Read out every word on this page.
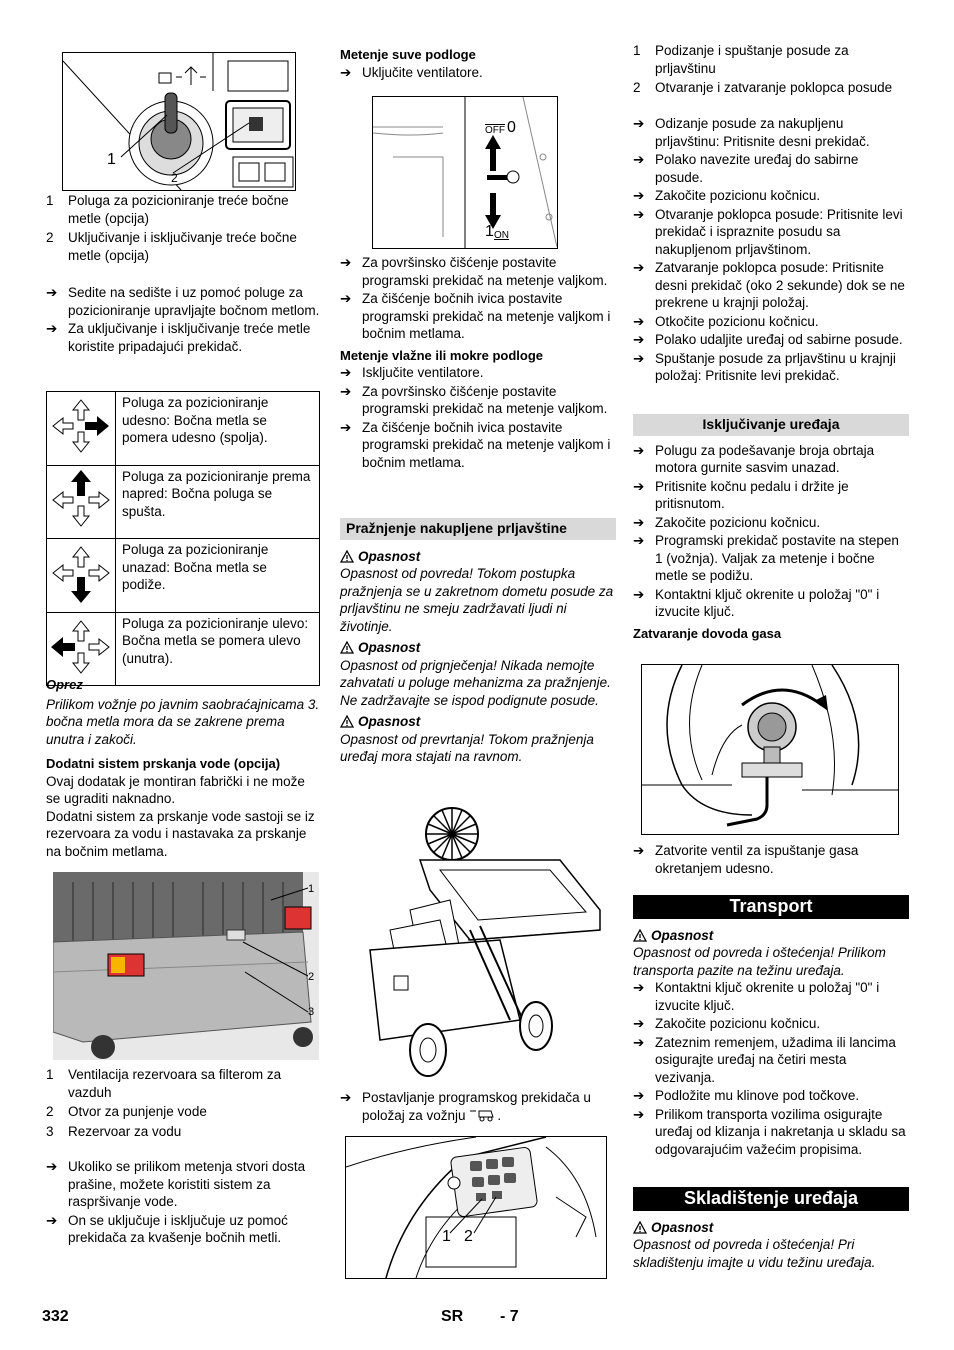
1
2
1	Poluga za pozicioniranje treće bočne metle (opcija)
2	Uključivanje i isključivanje treće bočne metle (opcija)
➔ Sedite na sedište i uz pomoć poluge za pozicioniranje upravljajte bočnom metlom.
➔ Za uključivanje i isključivanje treće metle koristite pripadajući prekidač.
	Poluga za pozicioniranje udesno: Bočna metla se pomera udesno (spolja).
	Poluga za pozicioniranje prema napred: Bočna poluga se spušta.
	Poluga za pozicioniranje unazad: Bočna metla se podiže.
	Poluga za pozicioniranje ulevo: Bočna metla se pomera ulevo (unutra).
Oprez
Prilikom vožnje po javnim saobraćajnicama 3. bočna metla mora da se zakrene prema unutra i zakoči.
Dodatni sistem prskanja vode (opcija)
Ovaj dodatak je montiran fabrički i ne može se ugraditi naknadno.
Dodatni sistem za prskanje vode sastoji se iz rezervoara za vodu i nastavaka za prskanje na bočnim metlama.
1
2
3
1	Ventilacija rezervoara sa filterom za vazduh
2	Otvor za punjenje vode
3	Rezervoar za vodu
➔ Ukoliko se prilikom metenja stvori dosta prašine, možete koristiti sistem za raspršivanje vode.
➔ On se uključuje i isključuje uz pomoć prekidača za kvašenje bočnih metli.
Metenje suve podloge
➔ Uključite ventilatore.
$\overline{OFF}$ 0
1 ON
➔ Za površinsko čišćenje postavite programski prekidač na metenje valjkom.
➔ Za čišćenje bočnih ivica postavite programski prekidač na metenje valjkom i bočnim metlama.
Metenje vlažne ili mokre podloge
➔ Isključite ventilatore.
➔ Za površinsko čišćenje postavite programski prekidač na metenje valjkom.
➔ Za čišćenje bočnih ivica postavite programski prekidač na metenje valjkom i bočnim metlama.
Pražnjenje nakupljene prljavštine
Opasnost
Opasnost od povreda! Tokom postupka pražnjenja se u zakretnom dometu posude za prljavštinu ne smeju zadržavati ljudi ni životinje.
Opasnost
Opasnost od prignječenja! Nikada nemojte zahvatati u poluge mehanizma za pražnjenje. Ne zadržavajte se ispod podignute posude.
Opasnost
Opasnost od prevrtanja! Tokom pražnjenja uređaj mora stajati na ravnom.
➔ Postavljanje programskog prekidača u položaj za vožnju .
1 2
1	Podizanje i spuštanje posude za prljavštinu
2	Otvaranje i zatvaranje poklopca posude
➔ Odizanje posude za nakupljenu prljavštinu: Pritisnite desni prekidač.
➔ Polako navezite uređaj do sabirne posude.
➔ Zakočite pozicionu kočnicu.
➔ Otvaranje poklopca posude: Pritisnite levi prekidač i ispraznite posudu sa nakupljenom prljavštinom.
➔ Zatvaranje poklopca posude: Pritisnite desni prekidač (oko 2 sekunde) dok se ne prekrene u krajnji položaj.
➔ Otkočite pozicionu kočnicu.
➔ Polako udaljite uređaj od sabirne posude.
➔ Spuštanje posude za prljavštinu u krajnji položaj: Pritisnite levi prekidač.
Isključivanje uređaja
➔ Polugu za podešavanje broja obrtaja motora gurnite sasvim unazad.
➔ Pritisnite kočnu pedalu i držite je pritisnutom.
➔ Zakočite pozicionu kočnicu.
➔ Programski prekidač postavite na stepen 1 (vožnja). Valjak za metenje i bočne metle se podižu.
➔ Kontaktni ključ okrenite u položaj "0" i izvucite ključ.
Zatvaranje dovoda gasa
➔ Zatvorite ventil za ispuštanje gasa okretanjem udesno.
Transport
Opasnost
Opasnost od povreda i oštećenja! Prilikom transporta pazite na težinu uređaja.
➔ Kontaktni ključ okrenite u položaj "0" i izvucite ključ.
➔ Zakočite pozicionu kočnicu.
➔ Zateznim remenjem, užadima ili lancima osigurajte uređaj na četiri mesta vezivanja.
➔ Podložite mu klinove pod točkove.
➔ Prilikom transporta vozilima osigurajte uređaj od klizanja i nakretanja u skladu sa odgovarajućim važećim propisima.
Skladištenje uređaja
Opasnost
Opasnost od povreda i oštećenja! Pri skladištenju imajte u vidu težinu uređaja.
332	SR - 7
